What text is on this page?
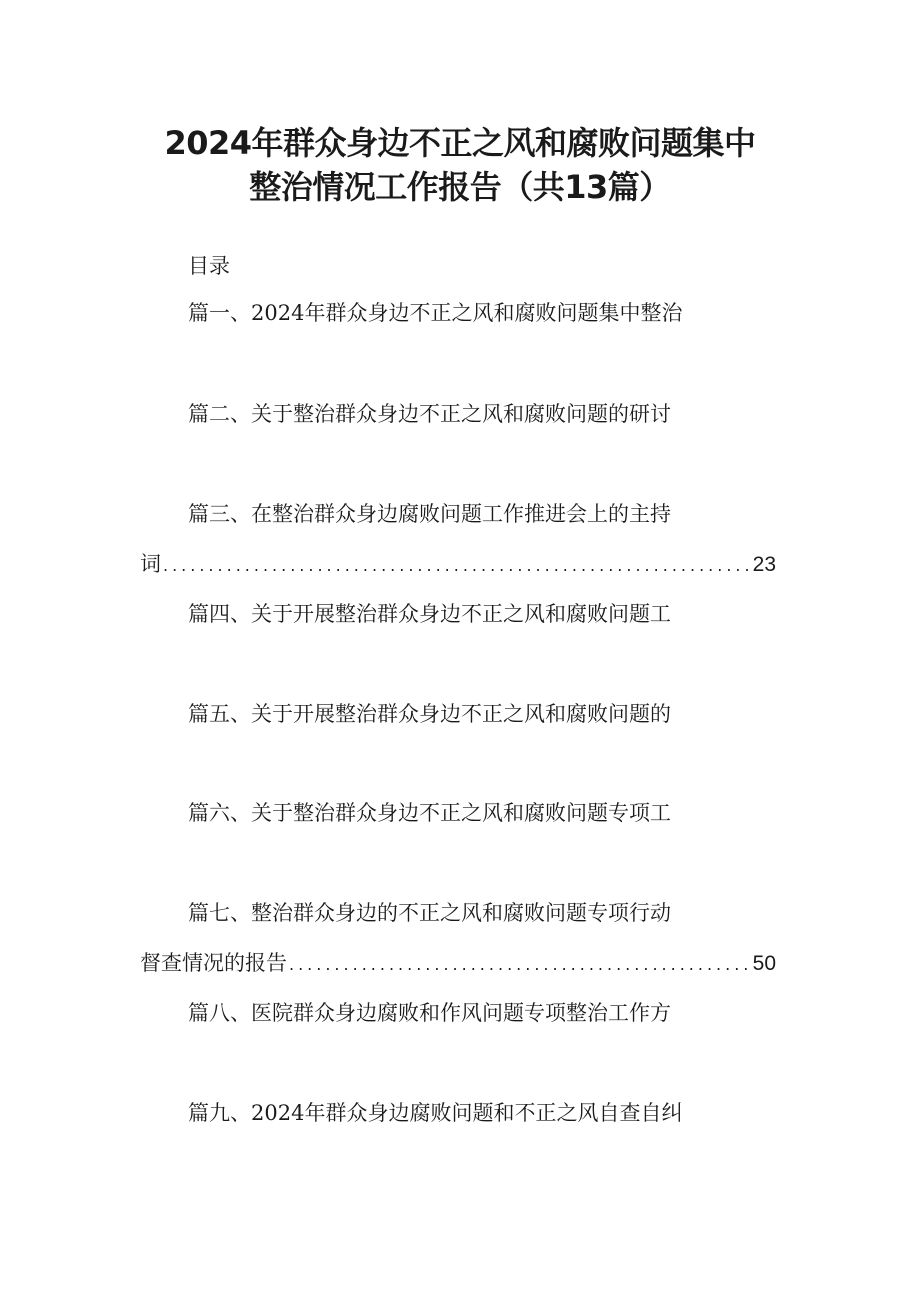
2024年群众身边不正之风和腐败问题集中
整治情况工作报告（共13篇）
目录
篇一、2024年群众身边不正之风和腐败问题集中整治
篇二、关于整治群众身边不正之风和腐败问题的研讨
篇三、在整治群众身边腐败问题工作推进会上的主持
词 .....	23
篇四、关于开展整治群众身边不正之风和腐败问题工
篇五、关于开展整治群众身边不正之风和腐败问题的
篇六、关于整治群众身边不正之风和腐败问题专项工
篇七、整治群众身边的不正之风和腐败问题专项行动
督查情况的报告 .....	50
篇八、医院群众身边腐败和作风问题专项整治工作方
篇九、2024年群众身边腐败问题和不正之风自查自纠
